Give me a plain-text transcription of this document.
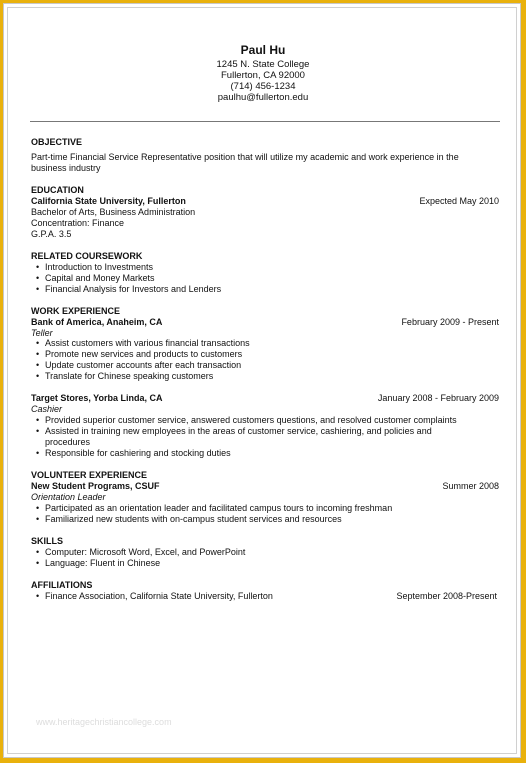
Paul Hu
1245 N. State College
Fullerton, CA 92000
(714) 456-1234
paulhu@fullerton.edu
OBJECTIVE
Part-time Financial Service Representative position that will utilize my academic and work experience in the
business industry
EDUCATION
California State University, Fullerton	Expected May 2010
Bachelor of Arts, Business Administration
Concentration: Finance
G.P.A. 3.5
RELATED COURSEWORK
• Introduction to Investments
• Capital and Money Markets
• Financial Analysis for Investors and Lenders
WORK EXPERIENCE
Bank of America, Anaheim, CA	February 2009 - Present
Teller
• Assist customers with various financial transactions
• Promote new services and products to customers
• Update customer accounts after each transaction
• Translate for Chinese speaking customers
Target Stores, Yorba Linda, CA	January 2008 - February 2009
Cashier
• Provided superior customer service, answered customers questions, and resolved customer complaints
• Assisted in training new employees in the areas of customer service, cashiering, and policies and
procedures
• Responsible for cashiering and stocking duties
VOLUNTEER EXPERIENCE
New Student Programs, CSUF	Summer 2008
Orientation Leader
• Participated as an orientation leader and facilitated campus tours to incoming freshman
• Familiarized new students with on-campus student services and resources
SKILLS
• Computer: Microsoft Word, Excel, and PowerPoint
• Language: Fluent in Chinese
AFFILIATIONS
• Finance Association, California State University, Fullerton	September 2008-Present
www.heritagechristiancollege.com
